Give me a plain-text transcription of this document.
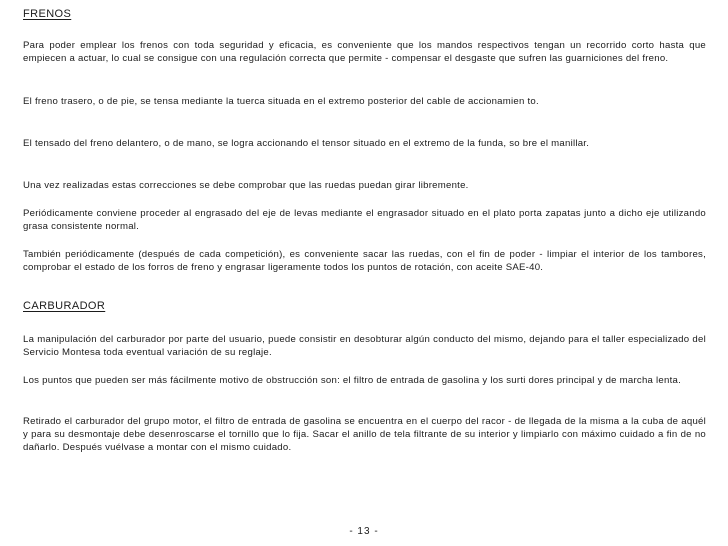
FRENOS

Para poder emplear los frenos con toda seguridad y eficacia, es conveniente que los mandos respectivos tengan un recorrido corto hasta que empiecen a actuar, lo cual se consigue con una regulación correcta que permite - compensar el desgaste que sufren las guarniciones del freno.

El freno trasero, o de pie, se tensa mediante la tuerca situada en el extremo posterior del cable de accionamien to.

El tensado del freno delantero, o de mano, se logra accionando el tensor situado en el extremo de la funda, so bre el manillar.

Una vez realizadas estas correcciones se debe comprobar que las ruedas puedan girar libremente.

Periódicamente conviene proceder al engrasado del eje de levas mediante el engrasador situado en el plato porta zapatas junto a dicho eje utilizando grasa consistente normal.

También periódicamente (después de cada competición), es conveniente sacar las ruedas, con el fin de poder - limpiar el interior de los tambores, comprobar el estado de los forros de freno y engrasar ligeramente todos los puntos de rotación, con aceite SAE-40.

CARBURADOR

La manipulación del carburador por parte del usuario, puede consistir en desobturar algún conducto del mismo, dejando para el taller especializado del Servicio Montesa toda eventual variación de su reglaje.

Los puntos que pueden ser más fácilmente motivo de obstrucción son: el filtro de entrada de gasolina y los surti dores principal y de marcha lenta.

Retirado el carburador del grupo motor, el filtro de entrada de gasolina se encuentra en el cuerpo del racor - de llegada de la misma a la cuba de aquél y para su desmontaje debe desenroscarse el tornillo que lo fija. Sacar el anillo de tela filtrante de su interior y limpiarlo con máximo cuidado a fin de no dañarlo. Después vuélvase a montar con el mismo cuidado.

- 13 -
